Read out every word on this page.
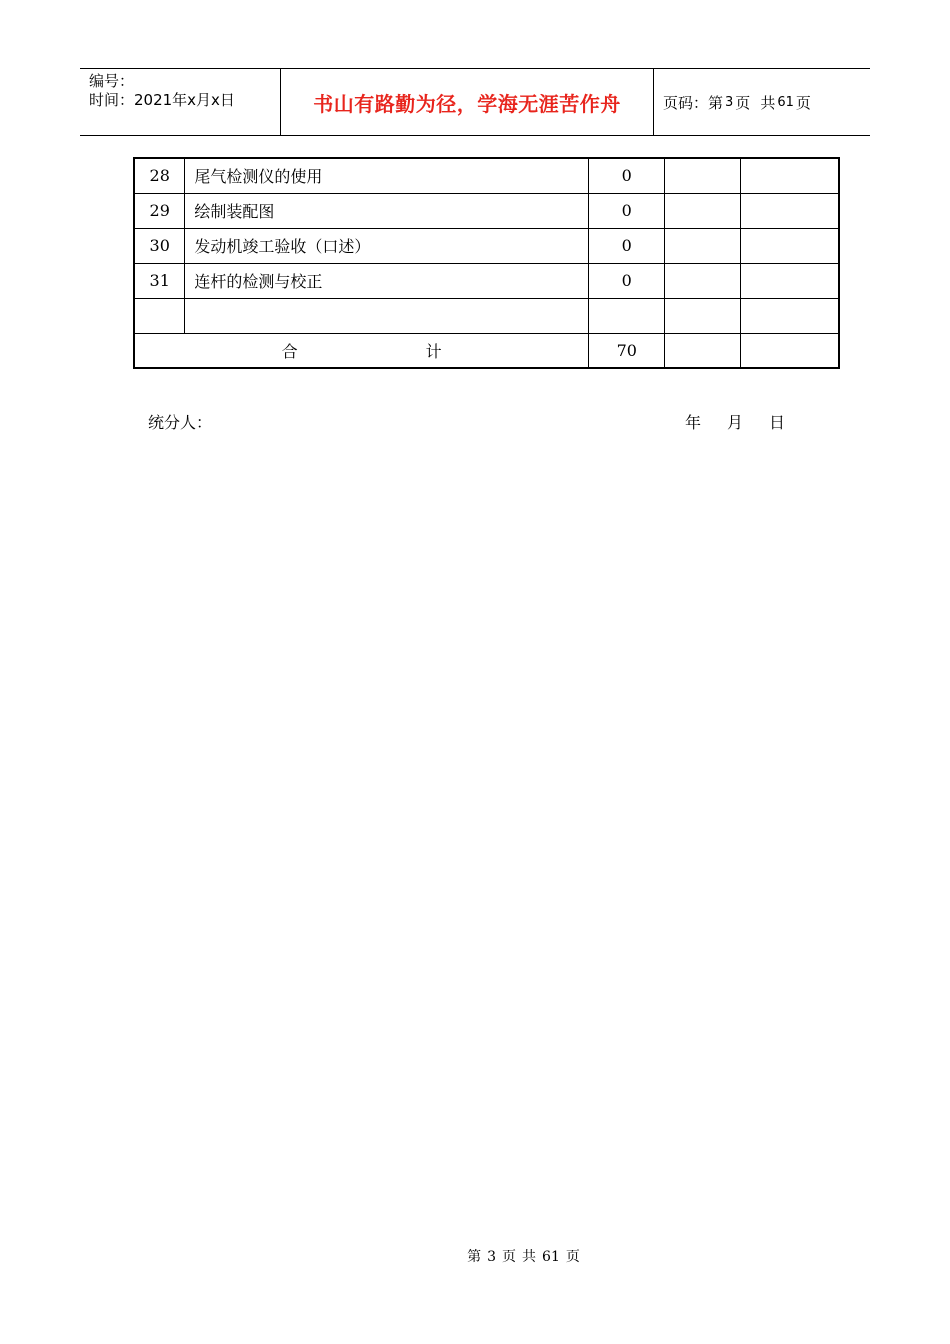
编号：
时间：2021年x月x日	书山有路勤为径，学海无涯苦作舟	页码：第 3 页 共 61 页
28	尾气检测仪的使用	0		
29	绘制装配图	0		
30	发动机竣工验收（口述）	0		
31	连杆的检测与校正	0		

合 计		70		
统分人：	年 月 日
第 3 页 共 61 页
